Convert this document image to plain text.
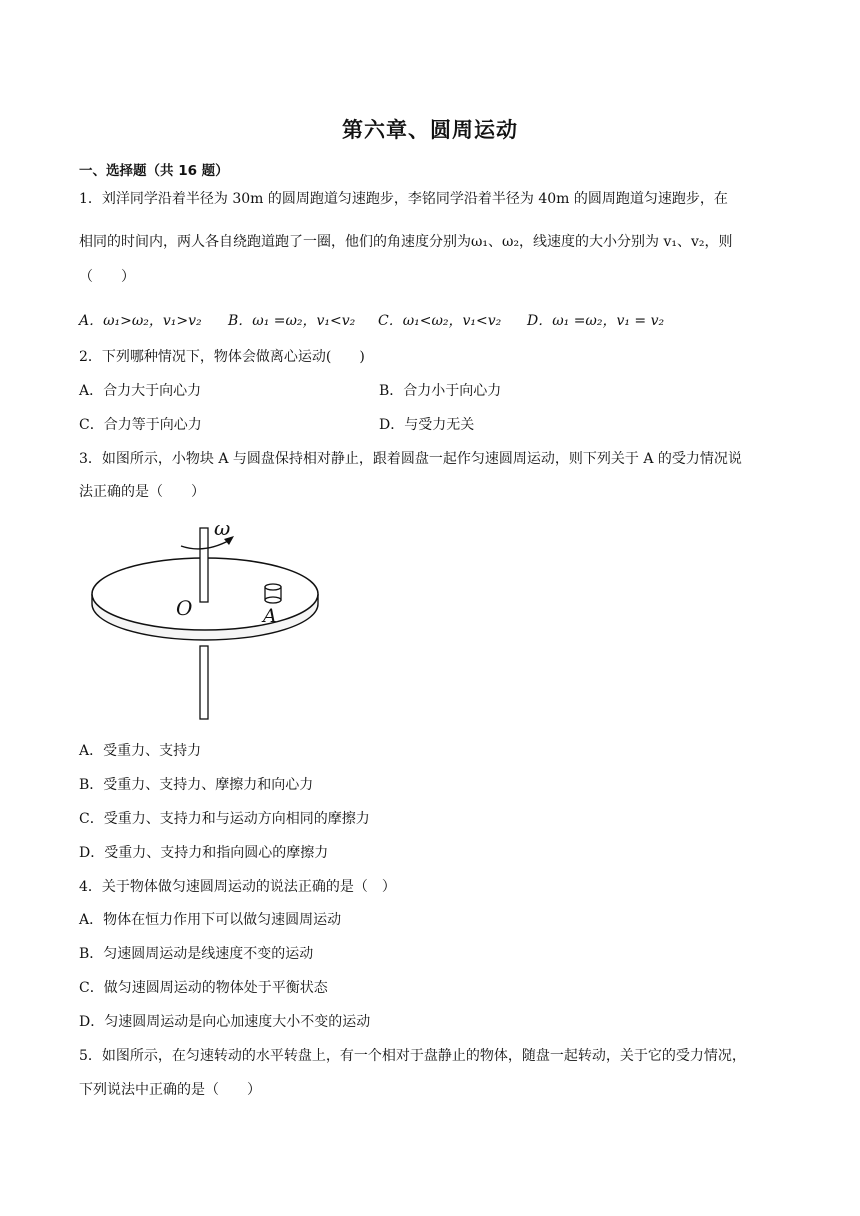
第六章、圆周运动
一、选择题（共 16 题）
1．刘洋同学沿着半径为 30m 的圆周跑道匀速跑步，李铭同学沿着半径为 40m 的圆周跑道匀速跑步，在
相同的时间内，两人各自绕跑道跑了一圈，他们的角速度分别为ω₁、ω₂，线速度的大小分别为 v₁、v₂，则
（　　）
A．ω₁>ω₂，v₁>v₂ B．ω₁ =ω₂，v₁<v₂ C．ω₁<ω₂，v₁<v₂ D．ω₁ =ω₂，v₁ = v₂
2．下列哪种情况下，物体会做离心运动(　　)
A．合力大于向心力	B．合力小于向心力
C．合力等于向心力	D．与受力无关
3．如图所示，小物块 A 与圆盘保持相对静止，跟着圆盘一起作匀速圆周运动，则下列关于 A 的受力情况说
法正确的是（　　）
ω
O	A
A．受重力、支持力
B．受重力、支持力、摩擦力和向心力
C．受重力、支持力和与运动方向相同的摩擦力
D．受重力、支持力和指向圆心的摩擦力
4．关于物体做匀速圆周运动的说法正确的是（　）
A．物体在恒力作用下可以做匀速圆周运动
B．匀速圆周运动是线速度不变的运动
C．做匀速圆周运动的物体处于平衡状态
D．匀速圆周运动是向心加速度大小不变的运动
5．如图所示，在匀速转动的水平转盘上，有一个相对于盘静止的物体，随盘一起转动，关于它的受力情况，
下列说法中正确的是（　　）
